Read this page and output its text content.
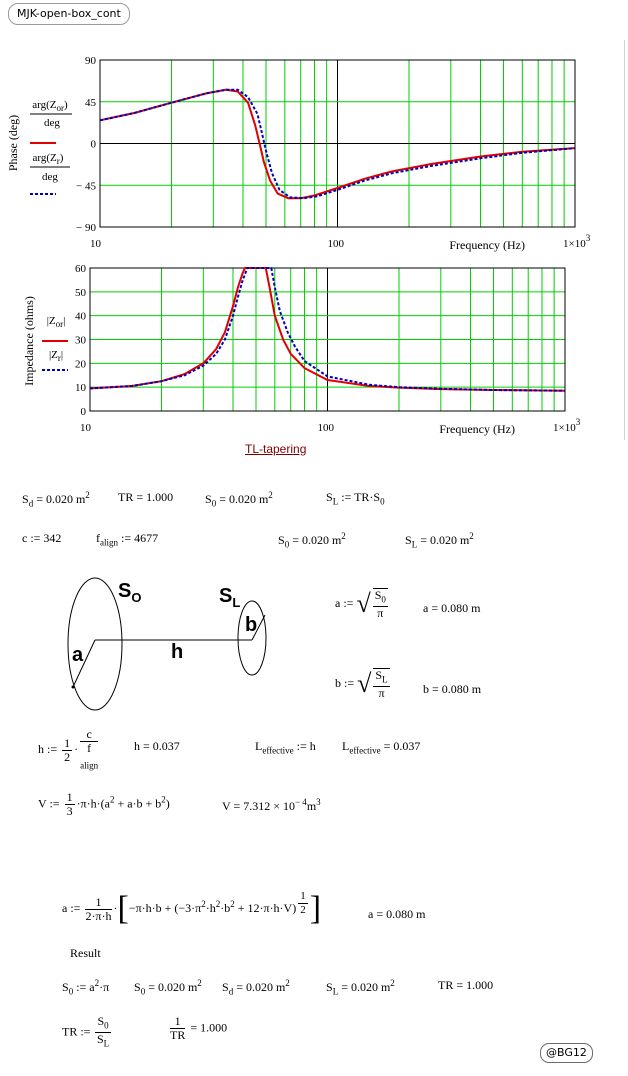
MJK-open-box_cont
90
45
0
− 45
− 90
10	100	$1\times 10^3$
Frequency (Hz)
Phase (deg)
$arg(Z_{or})$
deg
$arg(Z_r)$
deg
60
50
40
30
20
10
0
10	100	$1\times 10^3$
Frequency (Hz)
Impedance (ohms) $|Z_{or}|$
$|Z_r|$
TL-tapering
$S_d = 0.020$ $m^2$ TR = 1.000	$S_0 = 0.020$ $m^2$	$S_L$ := $TR\cdot S_0$
c := 342	$f_{align}$ := 4677	$S_0 = 0.020$ $m^2$	$S_L = 0.020$ $m^2$
$S_O$	$S_L$
a	h
b
a := √ $\frac{S_0}{\pi}$	a = 0.080 m
b := √ $\frac{S_L}{\pi}$	b = 0.080 m
h := $\frac{1}{2} \cdot c$
f
$_{align}$	h = 0.037	$L_{effective}$ := h $L_{effective} = 0.037$
V := $\frac{1}{3} \cdot\pi\cdot h\cdot(a^2 + a\cdot b + b^2)$	$V = 7.312 \times 10^{- 4}m^3$
a := $\frac{1}{2\cdot\pi\cdot h} \cdot[-\pi\cdot h\cdot b + (-3\cdot\pi^2\cdot h^2\cdot b^2 + 12\cdot\pi\cdot h\cdot V) \frac{1}{2}$ ]	a = 0.080 m
Result
$S_0$ := $a^2\cdot\pi$ $S_0 = 0.020$ $m^2$ $S_d = 0.020$ $m^2$	$S_L = 0.020$ $m^2$	TR = 1.000
TR := $\frac{S_0}{S_L}$	$\frac{1}{TR} = 1.000$
@BG12
